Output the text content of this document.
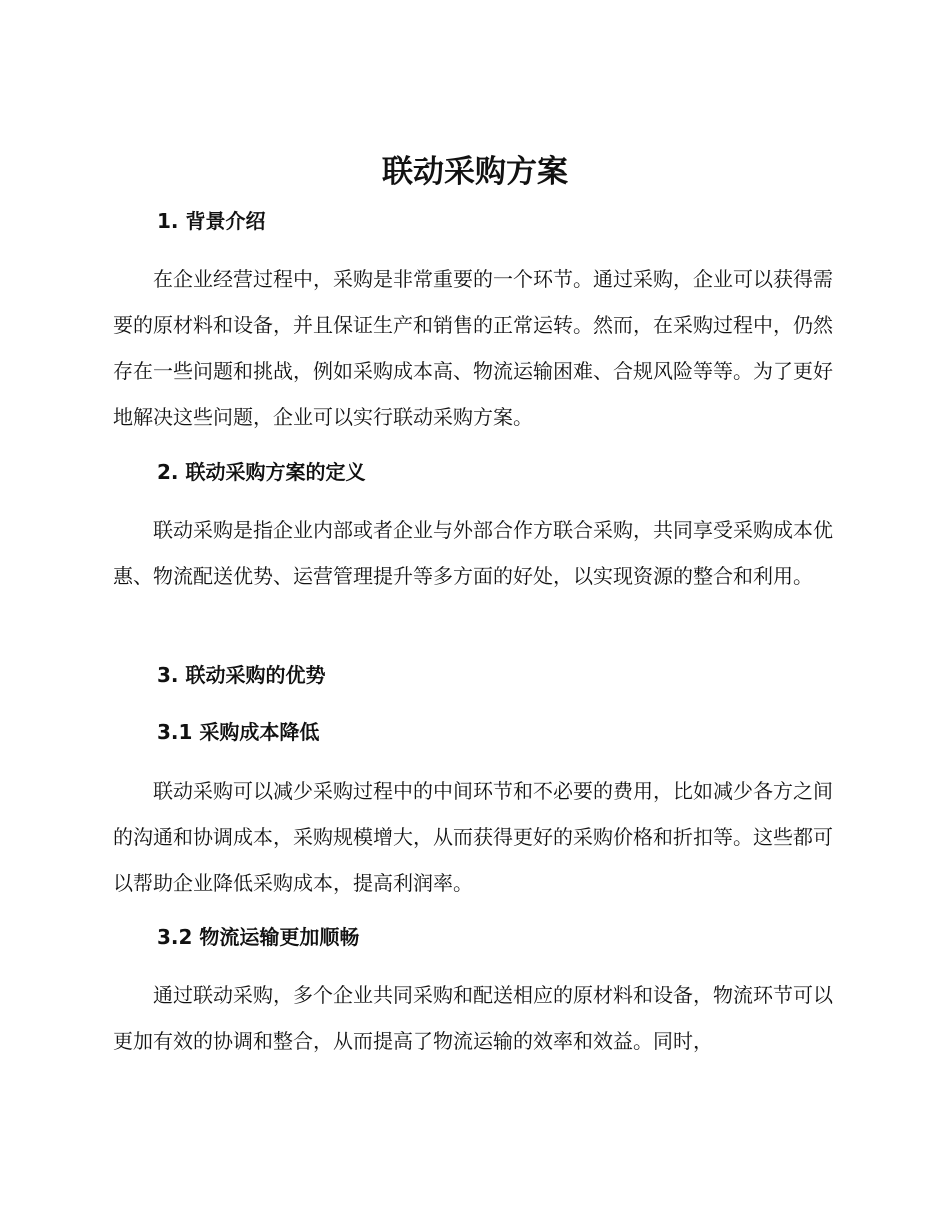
联动采购方案
1. 背景介绍

在企业经营过程中，采购是非常重要的一个环节。通过采购，企业可以获得需要的原材料和设备，并且保证生产和销售的正常运转。然而，在采购过程中，仍然存在一些问题和挑战，例如采购成本高、物流运输困难、合规风险等等。为了更好地解决这些问题，企业可以实行联动采购方案。

2. 联动采购方案的定义

联动采购是指企业内部或者企业与外部合作方联合采购，共同享受采购成本优惠、物流配送优势、运营管理提升等多方面的好处，以实现资源的整合和利用。

3. 联动采购的优势
3.1 采购成本降低

联动采购可以减少采购过程中的中间环节和不必要的费用，比如减少各方之间的沟通和协调成本，采购规模增大，从而获得更好的采购价格和折扣等。这些都可以帮助企业降低采购成本，提高利润率。

3.2 物流运输更加顺畅

通过联动采购，多个企业共同采购和配送相应的原材料和设备，物流环节可以更加有效的协调和整合，从而提高了物流运输的效率和效益。同时，
